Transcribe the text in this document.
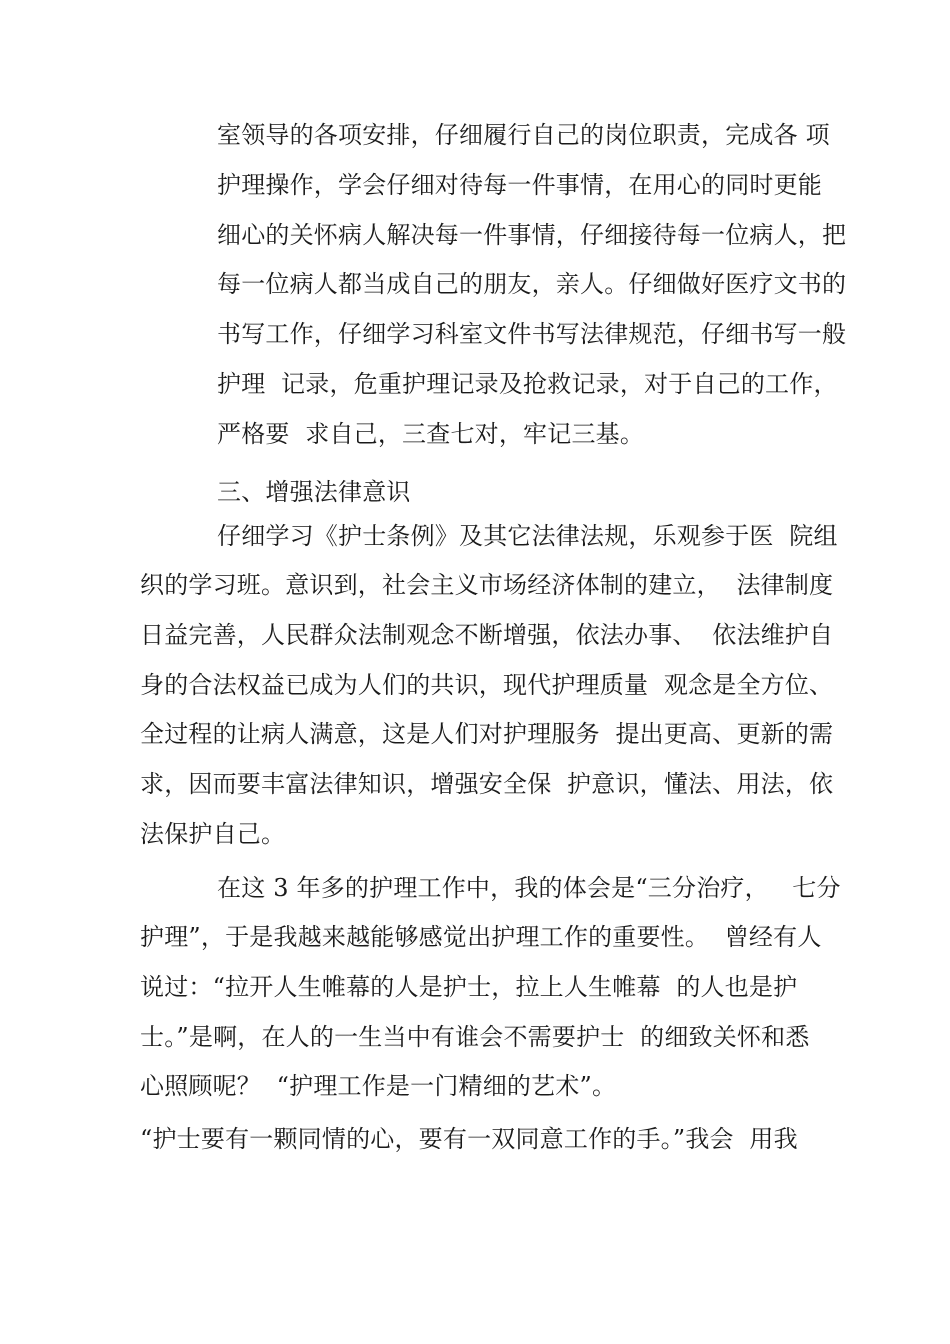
室领导的各项安排，仔细履行自己的岗位职责，完成各 项
护理操作，学会仔细对待每一件事情，在用心的同时更能
细心的关怀病人解决每一件事情，仔细接待每一位病人，把
每一位病人都当成自己的朋友，亲人。仔细做好医疗文书的
书写工作，仔细学习科室文件书写法律规范，仔细书写一般
护理  记录，危重护理记录及抢救记录，对于自己的工作，
严格要  求自己，三查七对，牢记三基。
三、增强法律意识
仔细学习《护士条例》及其它法律法规，乐观参于医  院组
织的学习班。意识到，社会主义市场经济体制的建立，  法律制度
日益完善，人民群众法制观念不断增强，依法办事、  依法维护自
身的合法权益已成为人们的共识，现代护理质量  观念是全方位、
全过程的让病人满意，这是人们对护理服务  提出更高、更新的需
求，因而要丰富法律知识，增强安全保  护意识，懂法、用法，依
法保护自己。
在这 3 年多的护理工作中，我的体会是“三分治疗，   七分
护理”，于是我越来越能够感觉出护理工作的重要性。  曾经有人
说过：“拉开人生帷幕的人是护士，拉上人生帷幕  的人也是护
士。”是啊，在人的一生当中有谁会不需要护士  的细致关怀和悉
心照顾呢？  “护理工作是一门精细的艺术”。
“护士要有一颗同情的心，要有一双同意工作的手。”我会  用我
